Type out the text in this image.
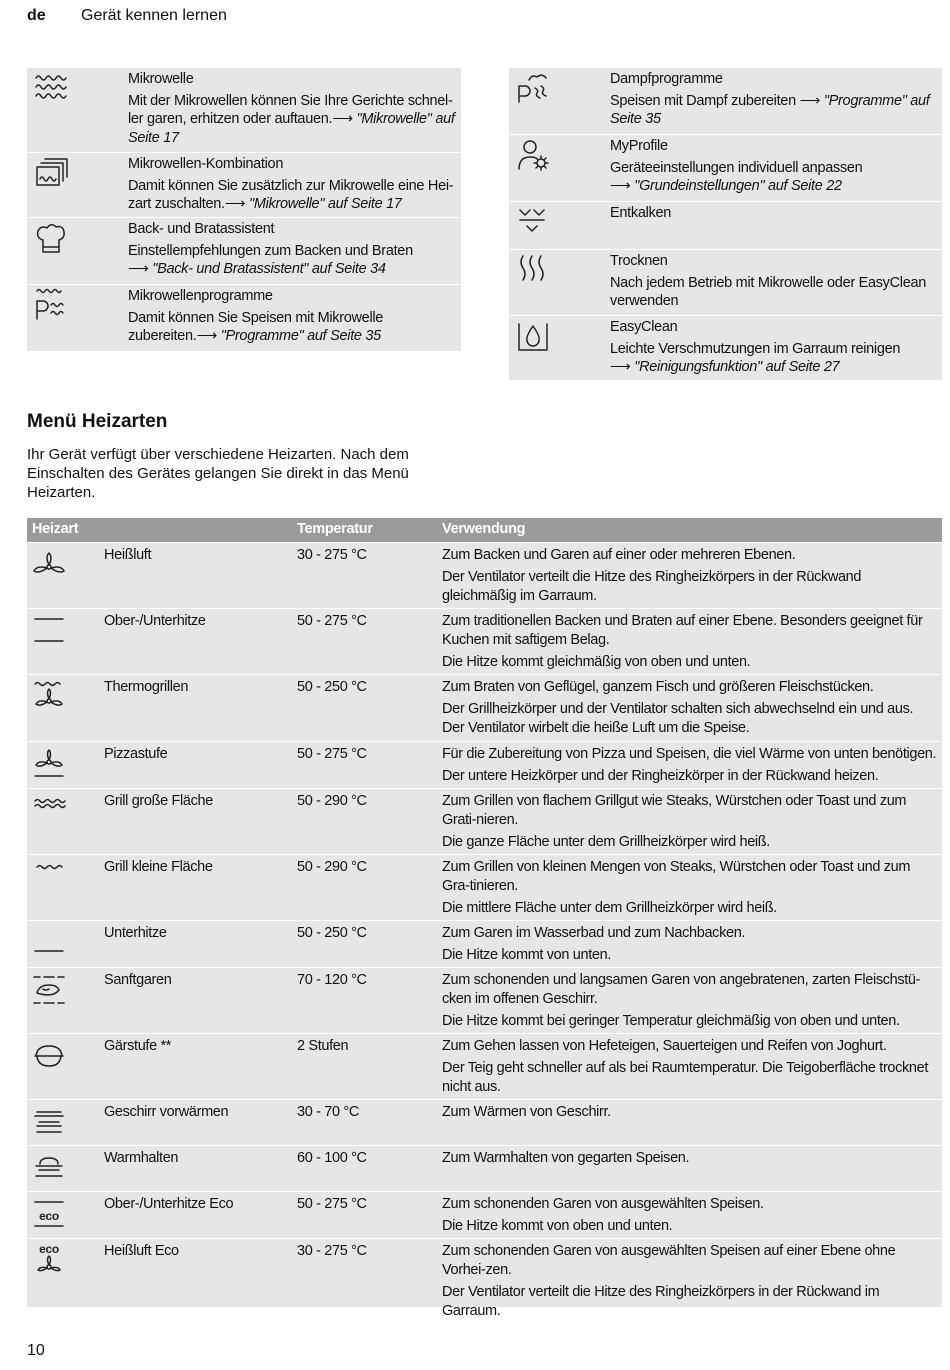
de Gerät kennen lernen
Mikrowelle
Mit der Mikrowellen können Sie Ihre Gerichte schnel-ler garen, erhitzen oder auftauen.⟶ "Mikrowelle" auf Seite 17
Mikrowellen-Kombination
Damit können Sie zusätzlich zur Mikrowelle eine Hei-zart zuschalten.⟶ "Mikrowelle" auf Seite 17
Back- und Bratassistent
Einstellempfehlungen zum Backen und Braten
⟶ "Back- und Bratassistent" auf Seite 34
Mikrowellenprogramme
Damit können Sie Speisen mit Mikrowelle zubereiten.⟶ "Programme" auf Seite 35
Dampfprogramme
Speisen mit Dampf zubereiten ⟶ "Programme" auf Seite 35
MyProfile
Geräteeinstellungen individuell anpassen
⟶ "Grundeinstellungen" auf Seite 22
Entkalken
Trocknen
Nach jedem Betrieb mit Mikrowelle oder EasyClean verwenden
EasyClean
Leichte Verschmutzungen im Garraum reinigen
⟶ "Reinigungsfunktion" auf Seite 27
Menü Heizarten
Ihr Gerät verfügt über verschiedene Heizarten. Nach dem Einschalten des Gerätes gelangen Sie direkt in das Menü Heizarten.
Heizart	Temperatur	Verwendung
Heißluft	30 - 275 °C	Zum Backen und Garen auf einer oder mehreren Ebenen.

Der Ventilator verteilt die Hitze des Ringheizkörpers in der Rückwand gleichmäßig im Garraum.

Ober-/Unterhitze	50 - 275 °C	Zum traditionellen Backen und Braten auf einer Ebene. Besonders geeignet für Kuchen mit saftigem Belag.

Die Hitze kommt gleichmäßig von oben und unten.

Thermogrillen	50 - 250 °C	Zum Braten von Geflügel, ganzem Fisch und größeren Fleischstücken.

Der Grillheizkörper und der Ventilator schalten sich abwechselnd ein und aus. Der Ventilator wirbelt die heiße Luft um die Speise.

Pizzastufe	50 - 275 °C	Für die Zubereitung von Pizza und Speisen, die viel Wärme von unten benötigen.

Der untere Heizkörper und der Ringheizkörper in der Rückwand heizen.

Grill große Fläche	50 - 290 °C	Zum Grillen von flachem Grillgut wie Steaks, Würstchen oder Toast und zum Grati-nieren.

Die ganze Fläche unter dem Grillheizkörper wird heiß.

Grill kleine Fläche	50 - 290 °C	Zum Grillen von kleinen Mengen von Steaks, Würstchen oder Toast und zum Gra-tinieren.

Die mittlere Fläche unter dem Grillheizkörper wird heiß.

Unterhitze	50 - 250 °C	Zum Garen im Wasserbad und zum Nachbacken.

Die Hitze kommt von unten.

Sanftgaren	70 - 120 °C	Zum schonenden und langsamen Garen von angebratenen, zarten Fleischstü-cken im offenen Geschirr.

Die Hitze kommt bei geringer Temperatur gleichmäßig von oben und unten.

Gärstufe **	2 Stufen	Zum Gehen lassen von Hefeteigen, Sauerteigen und Reifen von Joghurt.

Der Teig geht schneller auf als bei Raumtemperatur. Die Teigoberfläche trocknet nicht aus.

Geschirr vorwärmen	30 - 70 °C	Zum Wärmen von Geschirr.

Warmhalten	60 - 100 °C	Zum Warmhalten von gegarten Speisen.

eco
Ober-/Unterhitze Eco	50 - 275 °C	Zum schonenden Garen von ausgewählten Speisen.

Die Hitze kommt von oben und unten.

eco	Heißluft Eco	30 - 275 °C	Zum schonenden Garen von ausgewählten Speisen auf einer Ebene ohne Vorhei-zen.

Der Ventilator verteilt die Hitze des Ringheizkörpers in der Rückwand im Garraum.

10
